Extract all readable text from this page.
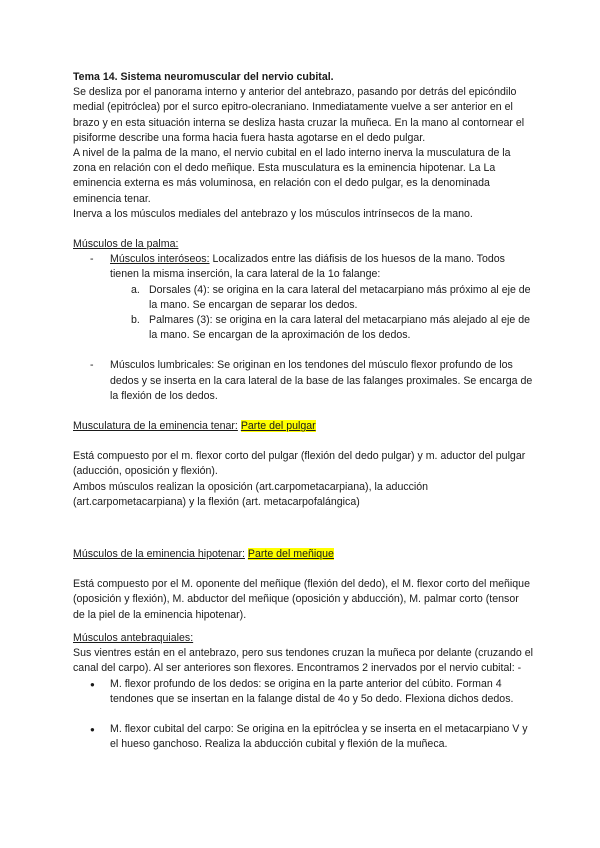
Tema 14. Sistema neuromuscular del nervio cubital.

Se desliza por el panorama interno y anterior del antebrazo, pasando por detrás del epicóndilo medial (epitróclea) por el surco epitro-olecraniano. Inmediatamente vuelve a ser anterior en el brazo y en esta situación interna se desliza hasta cruzar la muñeca. En la mano al contornear el pisiforme describe una forma hacia fuera hasta agotarse en el dedo pulgar.

A nivel de la palma de la mano, el nervio cubital en el lado interno inerva la musculatura de la zona en relación con el dedo meñique. Esta musculatura es la eminencia hipotenar. La La eminencia externa es más voluminosa, en relación con el dedo pulgar, es la denominada eminencia tenar.

Inerva a los músculos mediales del antebrazo y los músculos intrínsecos de la mano.

Músculos de la palma:

- Músculos interóseos: Localizados entre las diáfisis de los huesos de la mano. Todos tienen la misma inserción, la cara lateral de la 1o falange:
a. Dorsales (4): se origina en la cara lateral del metacarpiano más próximo al eje de la mano. Se encargan de separar los dedos.
b. Palmares (3): se origina en la cara lateral del metacarpiano más alejado al eje de la mano. Se encargan de la aproximación de los dedos.
- Músculos lumbricales: Se originan en los tendones del músculo flexor profundo de los dedos y se inserta en la cara lateral de la base de las falanges proximales. Se encarga de la flexión de los dedos.

Musculatura de la eminencia tenar: Parte del pulgar

Está compuesto por el m. flexor corto del pulgar (flexión del dedo pulgar) y m. aductor del pulgar (aducción, oposición y flexión).

Ambos músculos realizan la oposición (art.carpometacarpiana), la aducción (art.carpometacarpiana) y la flexión (art. metacarpofalángica)

Músculos de la eminencia hipotenar: Parte del meñique

Está compuesto por el M. oponente del meñique (flexión del dedo), el M. flexor corto del meñique (oposición y flexión), M. abductor del meñique (oposición y abducción), M. palmar corto (tensor de la piel de la eminencia hipotenar).

Músculos antebraquiales:

Sus vientres están en el antebrazo, pero sus tendones cruzan la muñeca por delante (cruzando el canal del carpo). Al ser anteriores son flexores. Encontramos 2 inervados por el nervio cubital: -

● M. flexor profundo de los dedos: se origina en la parte anterior del cúbito. Forman 4 tendones que se insertan en la falange distal de 4o y 5o dedo. Flexiona dichos dedos.
● M. flexor cubital del carpo: Se origina en la epitróclea y se inserta en el metacarpiano V y el hueso ganchoso. Realiza la abducción cubital y flexión de la muñeca.
